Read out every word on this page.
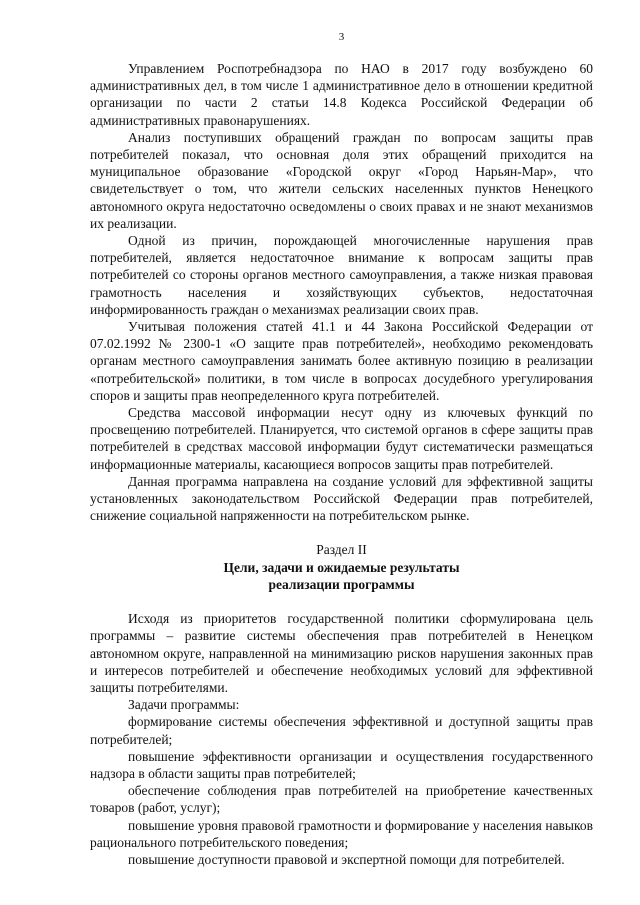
3

Управлением Роспотребнадзора по НАО в 2017 году возбуждено 60 административных дел, в том числе 1 административное дело в отношении кредитной организации по части 2 статьи 14.8 Кодекса Российской Федерации об административных правонарушениях.

Анализ поступивших обращений граждан по вопросам защиты прав потребителей показал, что основная доля этих обращений приходится на муниципальное образование «Городской округ «Город Нарьян-Мар», что свидетельствует о том, что жители сельских населенных пунктов Ненецкого автономного округа недостаточно осведомлены о своих правах и не знают механизмов их реализации.

Одной из причин, порождающей многочисленные нарушения прав потребителей, является недостаточное внимание к вопросам защиты прав потребителей со стороны органов местного самоуправления, а также низкая правовая грамотность населения и хозяйствующих субъектов, недостаточная информированность граждан о механизмах реализации своих прав.

Учитывая положения статей 41.1 и 44 Закона Российской Федерации от 07.02.1992 № 2300-1 «О защите прав потребителей», необходимо рекомендовать органам местного самоуправления занимать более активную позицию в реализации «потребительской» политики, в том числе в вопросах досудебного урегулирования споров и защиты прав неопределенного круга потребителей.

Средства массовой информации несут одну из ключевых функций по просвещению потребителей. Планируется, что системой органов в сфере защиты прав потребителей в средствах массовой информации будут систематически размещаться информационные материалы, касающиеся вопросов защиты прав потребителей.

Данная программа направлена на создание условий для эффективной защиты установленных законодательством Российской Федерации прав потребителей, снижение социальной напряженности на потребительском рынке.

Раздел II
Цели, задачи и ожидаемые результаты
реализации программы

Исходя из приоритетов государственной политики сформулирована цель программы – развитие системы обеспечения прав потребителей в Ненецком автономном округе, направленной на минимизацию рисков нарушения законных прав и интересов потребителей и обеспечение необходимых условий для эффективной защиты потребителями.

Задачи программы:

формирование системы обеспечения эффективной и доступной защиты прав потребителей;

повышение эффективности организации и осуществления государственного надзора в области защиты прав потребителей;

обеспечение соблюдения прав потребителей на приобретение качественных товаров (работ, услуг);

повышение уровня правовой грамотности и формирование у населения навыков рационального потребительского поведения;

повышение доступности правовой и экспертной помощи для потребителей.
